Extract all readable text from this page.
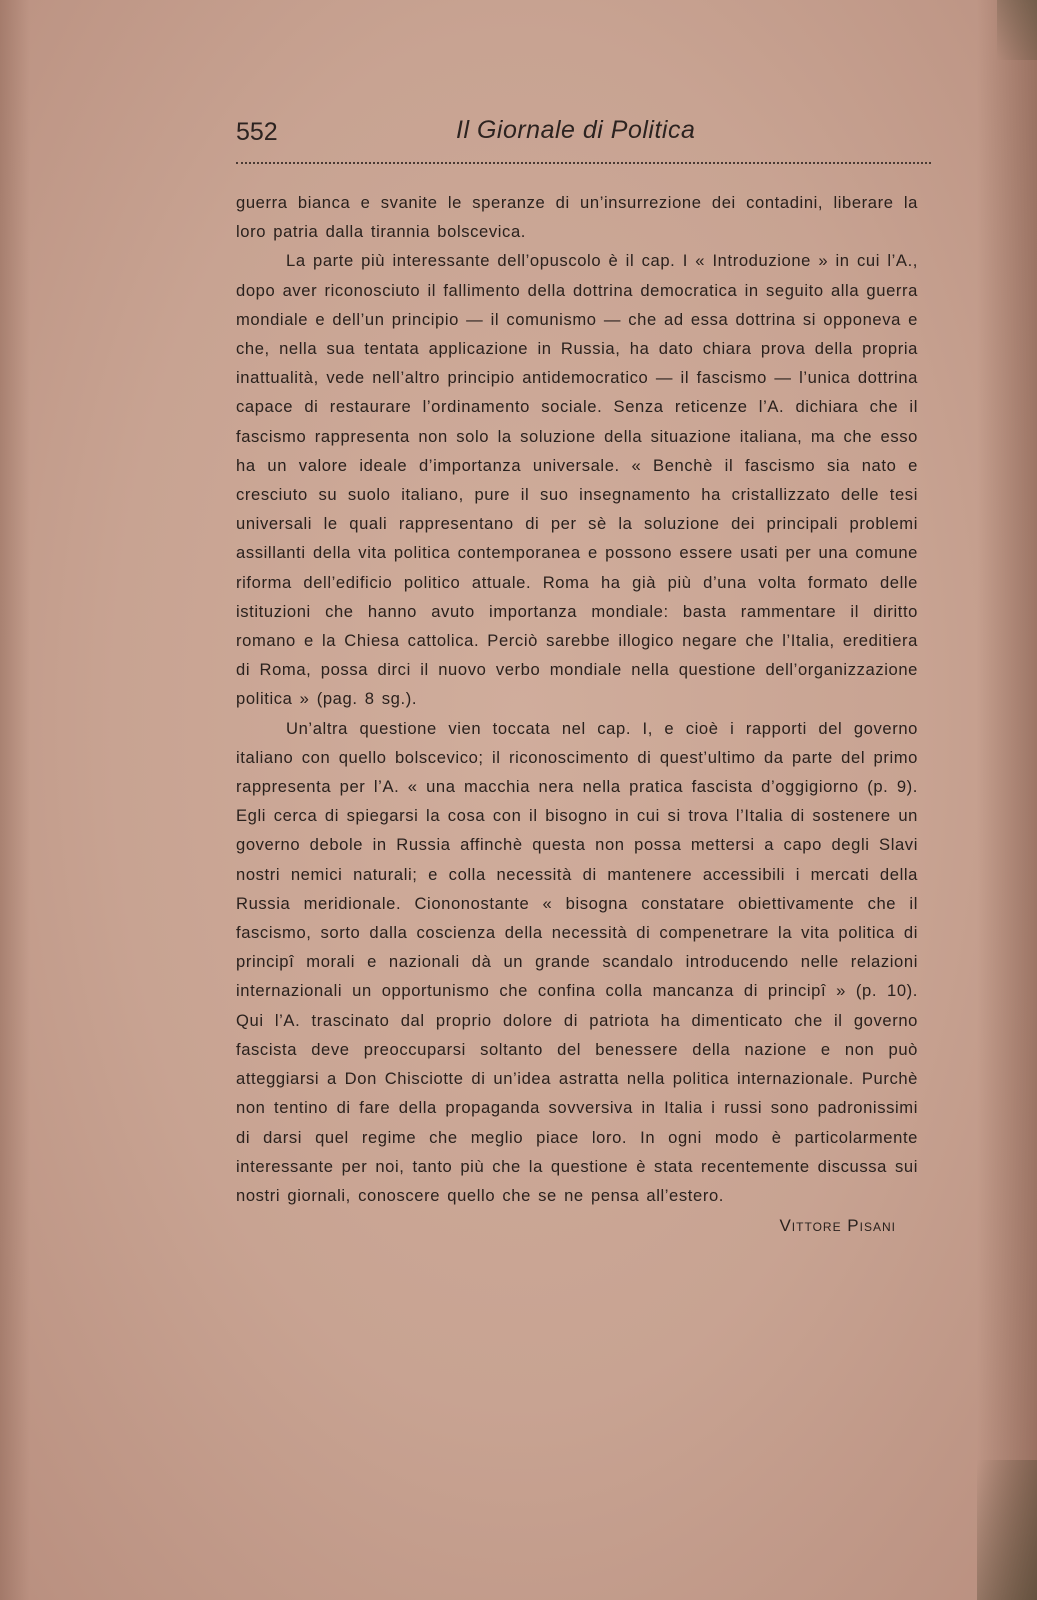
552	Il Giornale di Politica

guerra bianca e svanite le speranze di un’insurrezione dei contadini, liberare la loro patria dalla tirannia bolscevica.

La parte più interessante dell’opuscolo è il cap. I « Introduzione » in cui l’A., dopo aver riconosciuto il fallimento della dottrina democratica in seguito alla guerra mondiale e dell’un principio — il comunismo — che ad essa dottrina si opponeva e che, nella sua tentata applicazione in Russia, ha dato chiara prova della propria inattualità, vede nell’altro principio antidemocratico — il fascismo — l’unica dottrina capace di restaurare l’ordinamento sociale. Senza reticenze l’A. dichiara che il fascismo rappresenta non solo la soluzione della situazione italiana, ma che esso ha un valore ideale d’importanza universale. « Benchè il fascismo sia nato e cresciuto su suolo italiano, pure il suo insegnamento ha cristallizzato delle tesi universali le quali rappresentano di per sè la soluzione dei principali problemi assillanti della vita politica contemporanea e possono essere usati per una comune riforma dell’edificio politico attuale. Roma ha già più d’una volta formato delle istituzioni che hanno avuto importanza mondiale: basta rammentare il diritto romano e la Chiesa cattolica. Perciò sarebbe illogico negare che l’Italia, ereditiera di Roma, possa dirci il nuovo verbo mondiale nella questione dell’organizzazione politica » (pag. 8 sg.).

Un’altra questione vien toccata nel cap. I, e cioè i rapporti del governo italiano con quello bolscevico; il riconoscimento di quest’ultimo da parte del primo rappresenta per l’A. « una macchia nera nella pratica fascista d’oggigiorno (p. 9). Egli cerca di spiegarsi la cosa con il bisogno in cui si trova l’Italia di sostenere un governo debole in Russia affinchè questa non possa mettersi a capo degli Slavi nostri nemici naturali; e colla necessità di mantenere accessibili i mercati della Russia meridionale. Ciononostante « bisogna constatare obiettivamente che il fascismo, sorto dalla coscienza della necessità di compenetrare la vita politica di principî morali e nazionali dà un grande scandalo introducendo nelle relazioni internazionali un opportunismo che confina colla mancanza di principî » (p. 10). Qui l’A. trascinato dal proprio dolore di patriota ha dimenticato che il governo fascista deve preoccuparsi soltanto del benessere della nazione e non può atteggiarsi a Don Chisciotte di un’idea astratta nella politica internazionale. Purchè non tentino di fare della propaganda sovversiva in Italia i russi sono padronissimi di darsi quel regime che meglio piace loro. In ogni modo è particolarmente interessante per noi, tanto più che la questione è stata recentemente discussa sui nostri giornali, conoscere quello che se ne pensa all’estero.

Vittore Pisani
